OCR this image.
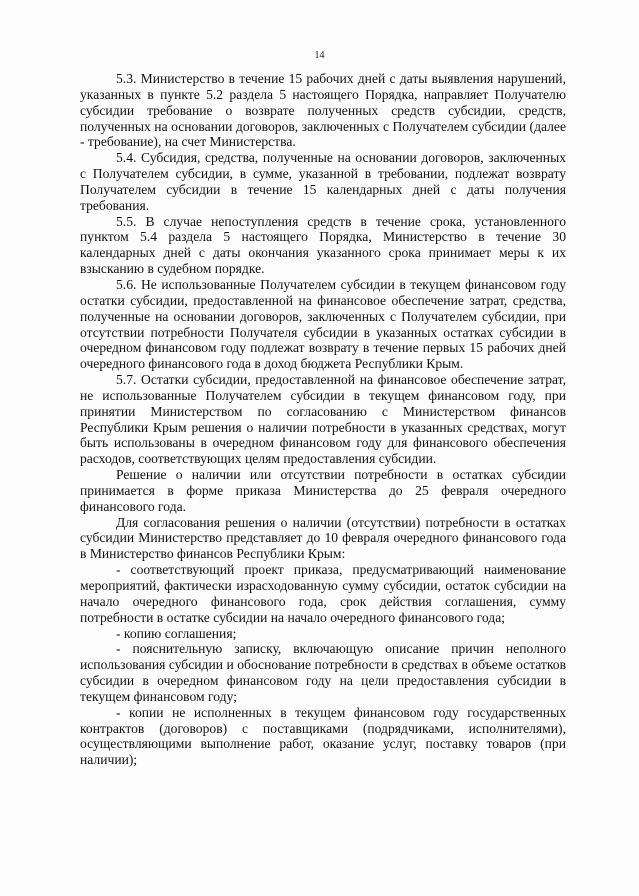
14

5.3. Министерство в течение 15 рабочих дней с даты выявления нарушений, указанных в пункте 5.2 раздела 5 настоящего Порядка, направляет Получателю субсидии требование о возврате полученных средств субсидии, средств, полученных на основании договоров, заключенных с Получателем субсидии (далее - требование), на счет Министерства.

5.4. Субсидия, средства, полученные на основании договоров, заключенных с Получателем субсидии, в сумме, указанной в требовании, подлежат возврату Получателем субсидии в течение 15 календарных дней с даты получения требования.

5.5. В случае непоступления средств в течение срока, установленного пунктом 5.4 раздела 5 настоящего Порядка, Министерство в течение 30 календарных дней с даты окончания указанного срока принимает меры к их взысканию в судебном порядке.

5.6. Не использованные Получателем субсидии в текущем финансовом году остатки субсидии, предоставленной на финансовое обеспечение затрат, средства, полученные на основании договоров, заключенных с Получателем субсидии, при отсутствии потребности Получателя субсидии в указанных остатках субсидии в очередном финансовом году подлежат возврату в течение первых 15 рабочих дней очередного финансового года в доход бюджета Республики Крым.

5.7. Остатки субсидии, предоставленной на финансовое обеспечение затрат, не использованные Получателем субсидии в текущем финансовом году, при принятии Министерством по согласованию с Министерством финансов Республики Крым решения о наличии потребности в указанных средствах, могут быть использованы в очередном финансовом году для финансового обеспечения расходов, соответствующих целям предоставления субсидии.

Решение о наличии или отсутствии потребности в остатках субсидии принимается в форме приказа Министерства до 25 февраля очередного финансового года.

Для согласования решения о наличии (отсутствии) потребности в остатках субсидии Министерство представляет до 10 февраля очередного финансового года в Министерство финансов Республики Крым:

- соответствующий проект приказа, предусматривающий наименование мероприятий, фактически израсходованную сумму субсидии, остаток субсидии на начало очередного финансового года, срок действия соглашения, сумму потребности в остатке субсидии на начало очередного финансового года;

- копию соглашения;

- пояснительную записку, включающую описание причин неполного использования субсидии и обоснование потребности в средствах в объеме остатков субсидии в очередном финансовом году на цели предоставления субсидии в текущем финансовом году;

- копии не исполненных в текущем финансовом году государственных контрактов (договоров) с поставщиками (подрядчиками, исполнителями), осуществляющими выполнение работ, оказание услуг, поставку товаров (при наличии);
